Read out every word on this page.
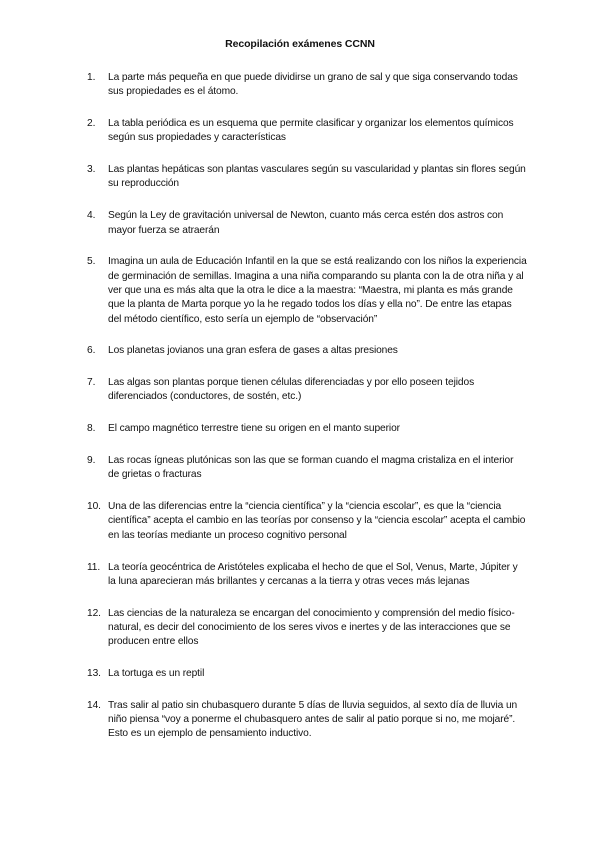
Recopilación exámenes CCNN
1.	La parte más pequeña en que puede dividirse un grano de sal y que siga conservando todas sus propiedades es el átomo.
2.	La tabla periódica es un esquema que permite clasificar y organizar los elementos químicos según sus propiedades y características
3.	Las plantas hepáticas son plantas vasculares según su vascularidad y plantas sin flores según su reproducción
4.	Según la Ley de gravitación universal de Newton, cuanto más cerca estén dos astros con mayor fuerza se atraerán
5.	Imagina un aula de Educación Infantil en la que se está realizando con los niños la experiencia de germinación de semillas. Imagina a una niña comparando su planta con la de otra niña y al ver que una es más alta que la otra le dice a la maestra: “Maestra, mi planta es más grande que la planta de Marta porque yo la he regado todos los días y ella no”. De entre las etapas del método científico, esto sería un ejemplo de “observación”
6.	Los planetas jovianos una gran esfera de gases a altas presiones
7.	Las algas son plantas porque tienen células diferenciadas y por ello poseen tejidos diferenciados (conductores, de sostén, etc.)
8.	El campo magnético terrestre tiene su origen en el manto superior
9.	Las rocas ígneas plutónicas son las que se forman cuando el magma cristaliza en el interior de grietas o fracturas
10. Una de las diferencias entre la “ciencia científica” y la “ciencia escolar”, es que la “ciencia científica” acepta el cambio en las teorías por consenso y la “ciencia escolar” acepta el cambio en las teorías mediante un proceso cognitivo personal
11. La teoría geocéntrica de Aristóteles explicaba el hecho de que el Sol, Venus, Marte, Júpiter y la luna aparecieran más brillantes y cercanas a la tierra y otras veces más lejanas
12. Las ciencias de la naturaleza se encargan del conocimiento y comprensión del medio físico-natural, es decir del conocimiento de los seres vivos e inertes y de las interacciones que se producen entre ellos
13. La tortuga es un reptil
14. Tras salir al patio sin chubasquero durante 5 días de lluvia seguidos, al sexto día de lluvia un niño piensa “voy a ponerme el chubasquero antes de salir al patio porque si no, me mojaré”. Esto es un ejemplo de pensamiento inductivo.
